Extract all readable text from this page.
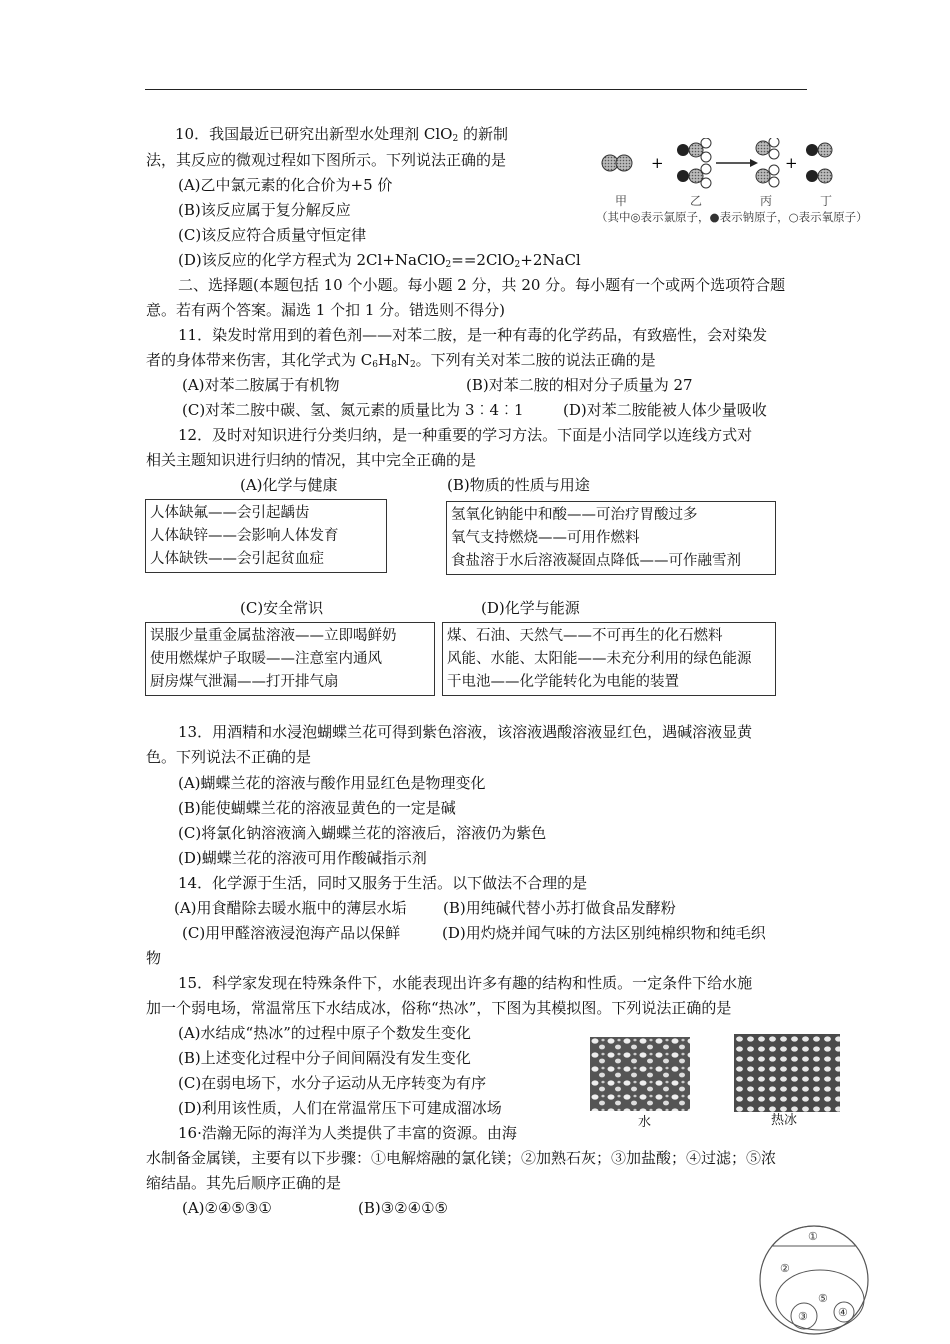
10．我国最近已研究出新型水处理剂 ClO$_2$ 的新制
法，其反应的微观过程如下图所示。下列说法正确的是
(A)乙中氯元素的化合价为+5 价
(B)该反应属于复分解反应
(C)该反应符合质量守恒定律
(D)该反应的化学方程式为 2Cl+NaClO$_2$==2ClO$_2$+2NaCl
+	+
甲	乙	丙	丁
（其中◎表示氯原子，●表示钠原子，○表示氧原子）
二、选择题(本题包括 10 个小题。每小题 2 分，共 20 分。每小题有一个或两个选项符合题
意。若有两个答案。漏选 1 个扣 1 分。错选则不得分)
11．染发时常用到的着色剂——对苯二胺，是一种有毒的化学药品，有致癌性，会对染发
者的身体带来伤害，其化学式为 $C_6H_8N_2$。下列有关对苯二胺的说法正确的是
(A)对苯二胺属于有机物	(B)对苯二胺的相对分子质量为 27
(C)对苯二胺中碳、氢、氮元素的质量比为 3︰4︰1	(D)对苯二胺能被人体少量吸收
12．及时对知识进行分类归纳，是一种重要的学习方法。下面是小洁同学以连线方式对
相关主题知识进行归纳的情况，其中完全正确的是
(A)化学与健康	(B)物质的性质与用途
人体缺氟——会引起龋齿
人体缺锌——会影响人体发育
人体缺铁——会引起贫血症
氢氧化钠能中和酸——可治疗胃酸过多
氧气支持燃烧——可用作燃料
食盐溶于水后溶液凝固点降低——可作融雪剂
(C)安全常识	(D)化学与能源
误服少量重金属盐溶液——立即喝鲜奶
使用燃煤炉子取暖——注意室内通风
厨房煤气泄漏——打开排气扇
煤、石油、天然气——不可再生的化石燃料
风能、水能、太阳能——未充分利用的绿色能源
干电池——化学能转化为电能的装置
13．用酒精和水浸泡蝴蝶兰花可得到紫色溶液，该溶液遇酸溶液显红色，遇碱溶液显黄
色。下列说法不正确的是
(A)蝴蝶兰花的溶液与酸作用显红色是物理变化
(B)能使蝴蝶兰花的溶液显黄色的一定是碱
(C)将氯化钠溶液滴入蝴蝶兰花的溶液后，溶液仍为紫色
(D)蝴蝶兰花的溶液可用作酸碱指示剂
14．化学源于生活，同时又服务于生活。以下做法不合理的是
(A)用食醋除去暖水瓶中的薄层水垢 (B)用纯碱代替小苏打做食品发酵粉
(C)用甲醛溶液浸泡海产品以保鲜	(D)用灼烧并闻气味的方法区别纯棉织物和纯毛织
物
15．科学家发现在特殊条件下，水能表现出许多有趣的结构和性质。一定条件下给水施
加一个弱电场，常温常压下水结成冰，俗称“热冰”，下图为其模拟图。下列说法正确的是
(A)水结成“热冰”的过程中原子个数发生变化
(B)上述变化过程中分子间间隔没有发生变化
(C)在弱电场下，水分子运动从无序转变为有序
(D)利用该性质，人们在常温常压下可建成溜冰场
水	热冰
16·浩瀚无际的海洋为人类提供了丰富的资源。由海
水制备金属镁，主要有以下步骤：①电解熔融的氯化镁；②加熟石灰；③加盐酸；④过滤；⑤浓
缩结晶。其先后顺序正确的是
(A)②④⑤③①	(B)③②④①⑤
①
②
③	④
⑤
